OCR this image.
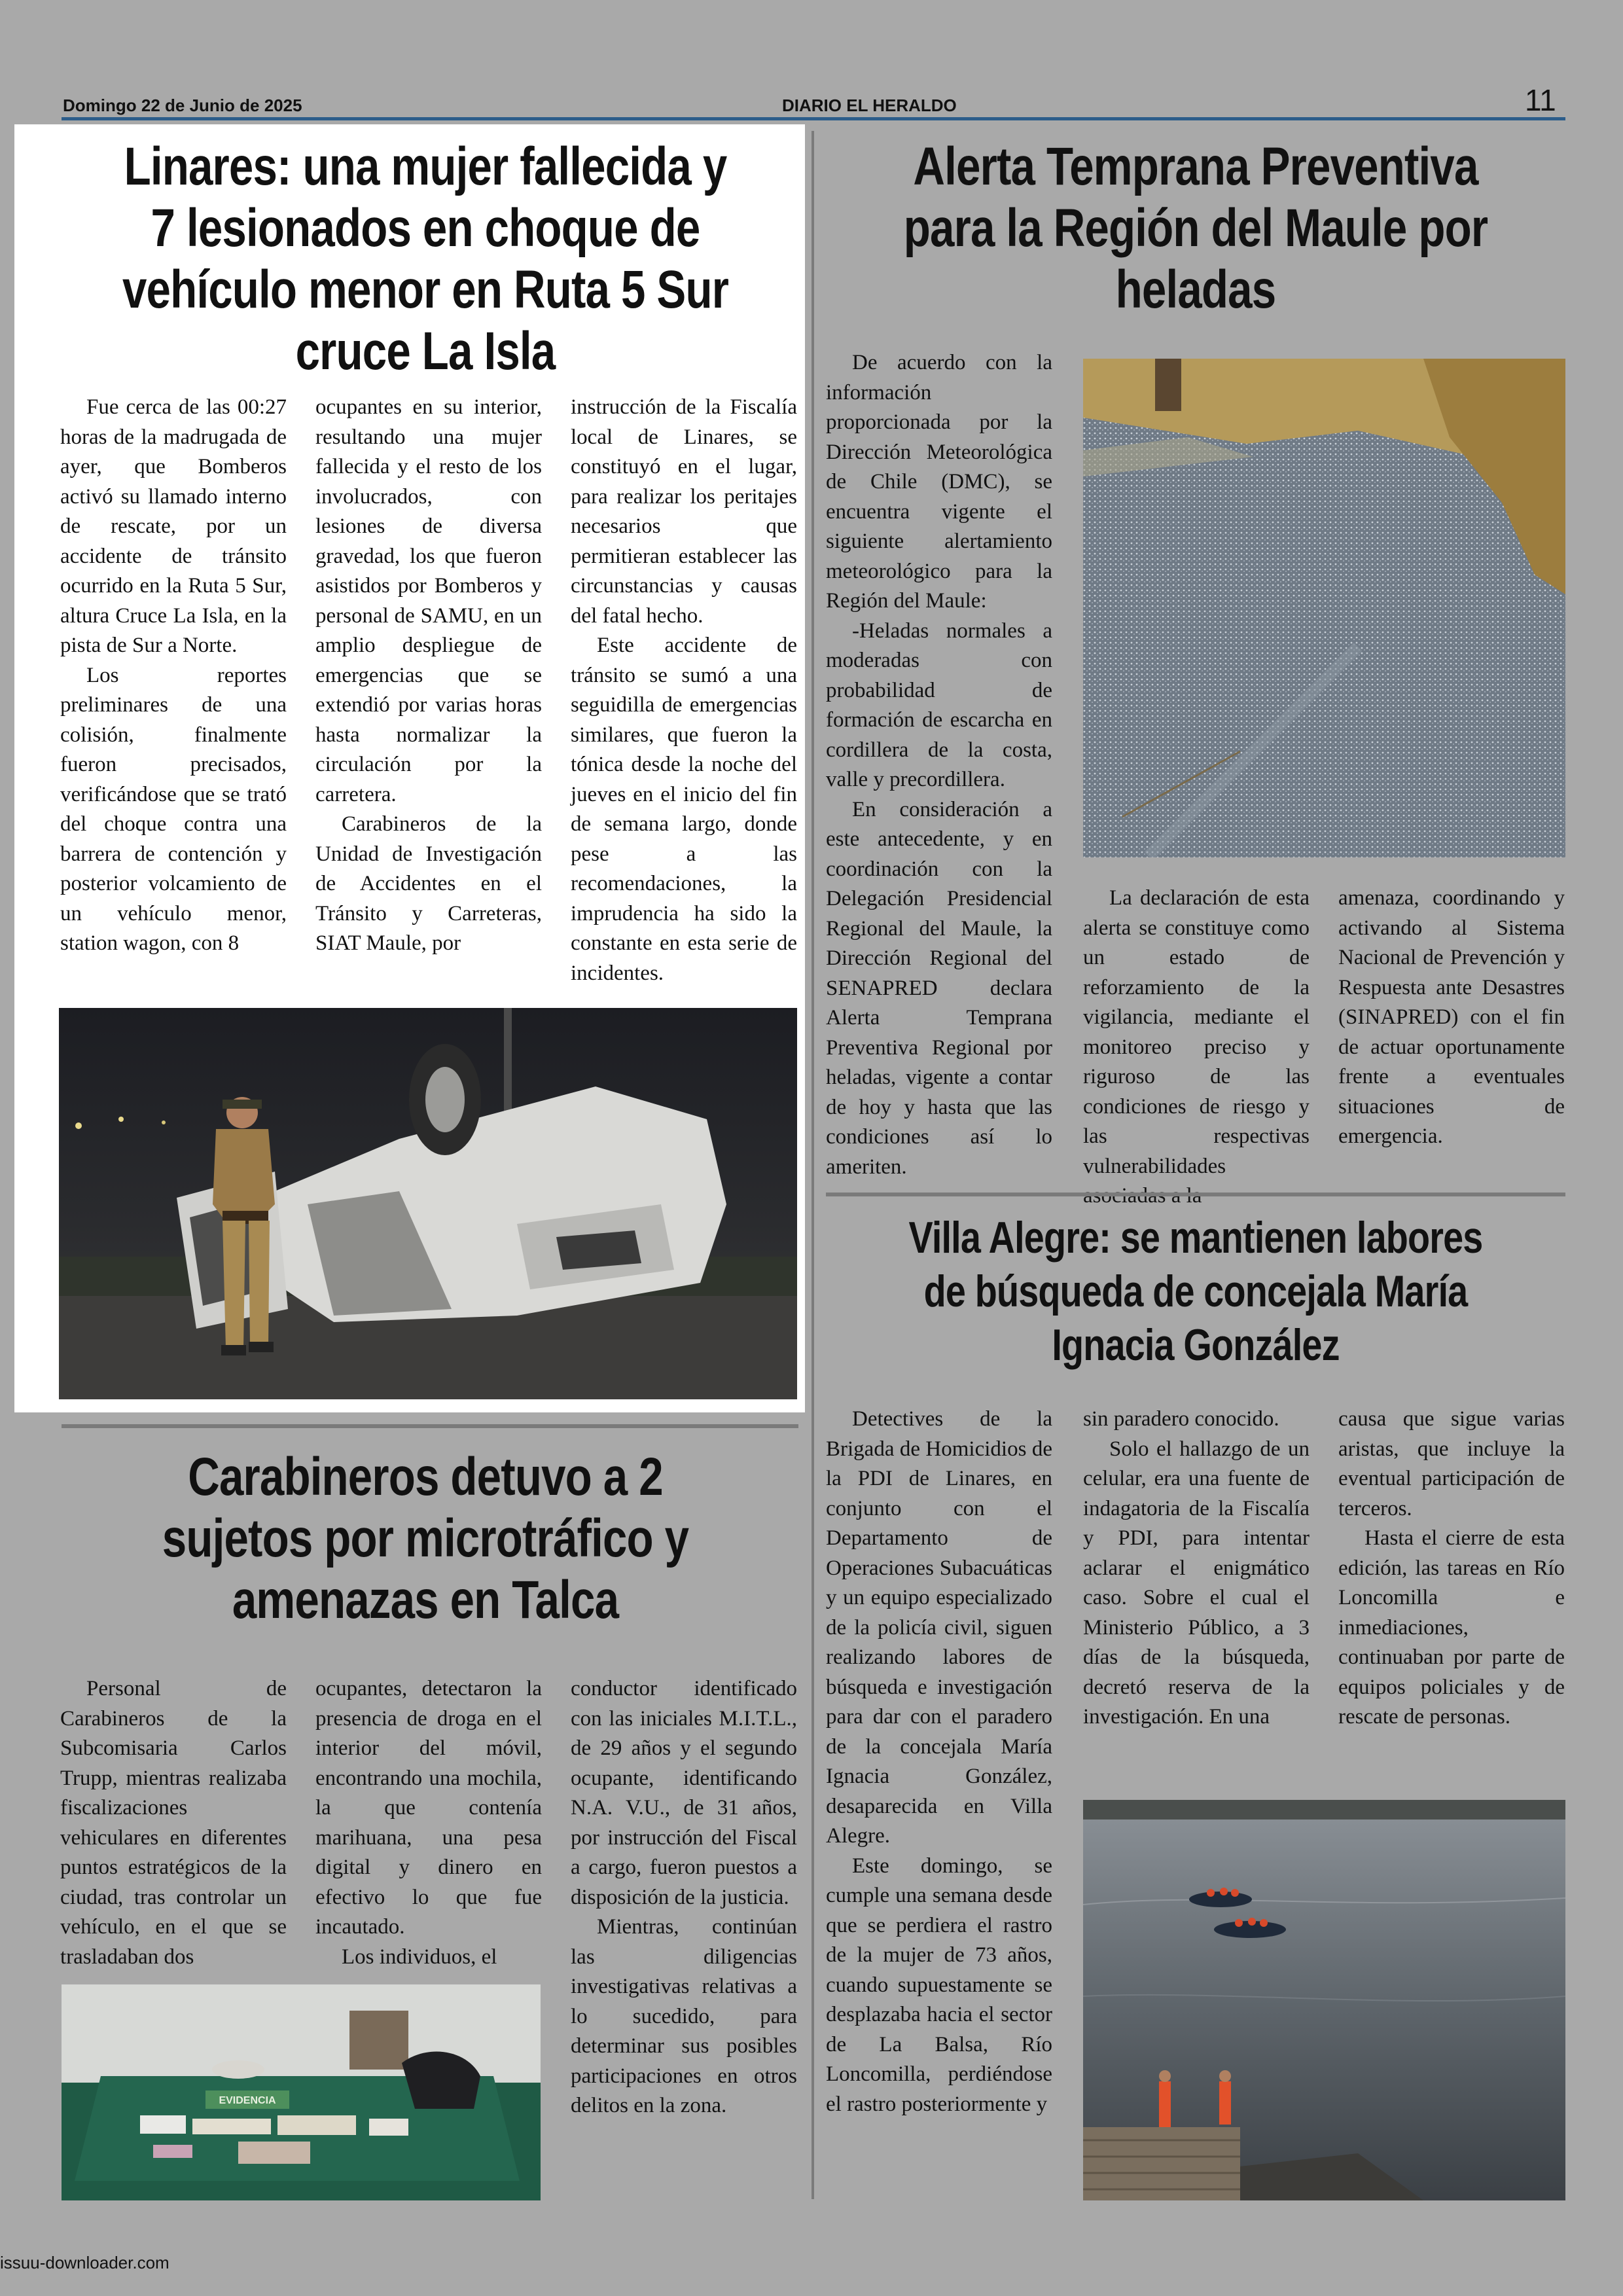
Domingo 22 de Junio de 2025	DIARIO EL HERALDO	11
Linares: una mujer fallecida y 7 lesionados en choque de vehículo menor en Ruta 5 Sur cruce La Isla

Fue cerca de las 00:27 horas de la madrugada de ayer, que Bomberos activó su llamado interno de rescate, por un accidente de tránsito ocurrido en la Ruta 5 Sur, altura Cruce La Isla, en la pista de Sur a Norte.

Los reportes preliminares de una colisión, finalmente fueron precisados, verificándose que se trató del choque contra una barrera de contención y posterior volcamiento de un vehículo menor, station wagon, con 8

ocupantes en su interior, resultando una mujer fallecida y el resto de los involucrados, con lesiones de diversa gravedad, los que fueron asistidos por Bomberos y personal de SAMU, en un amplio despliegue de emergencias que se extendió por varias horas hasta normalizar la circulación por la carretera.

Carabineros de la Unidad de Investigación de Accidentes en el Tránsito y Carreteras, SIAT Maule, por

instrucción de la Fiscalía local de Linares, se constituyó en el lugar, para realizar los peritajes necesarios que permitieran establecer las circunstancias y causas del fatal hecho.

Este accidente de tránsito se sumó a una seguidilla de emergencias similares, que fueron la tónica desde la noche del jueves en el inicio del fin de semana largo, donde pese a las recomendaciones, la imprudencia ha sido la constante en esta serie de incidentes.

Alerta Temprana Preventiva para la Región del Maule por heladas

De acuerdo con la información proporcionada por la Dirección Meteorológica de Chile (DMC), se encuentra vigente el siguiente alertamiento meteorológico para la Región del Maule:

-Heladas normales a moderadas con probabilidad de formación de escarcha en cordillera de la costa, valle y precordillera.

En consideración a este antecedente, y en coordinación con la Delegación Presidencial Regional del Maule, la Dirección Regional del SENAPRED declara Alerta Temprana Preventiva Regional por heladas, vigente a contar de hoy y hasta que las condiciones así lo ameriten.

La declaración de esta alerta se constituye como un estado de reforzamiento de la vigilancia, mediante el monitoreo preciso y riguroso de las condiciones de riesgo y las respectivas vulnerabilidades

amenaza, coordinando y activando al Sistema Nacional de Prevención y Respuesta ante Desastres (SINAPRED) con el fin de actuar oportunamente frente a eventuales situaciones de emergencia.

Villa Alegre: se mantienen labores de búsqueda de concejala María Ignacia González

Detectives de la Brigada de Homicidios de la PDI de Linares, en conjunto con el Departamento de Operaciones Subacuáticas y un equipo especializado de la policía civil, siguen realizando labores de búsqueda e investigación para dar con el paradero de la concejala María Ignacia González, desaparecida en Villa Alegre.

Este domingo, se cumple una semana desde que se perdiera el rastro de la mujer de 73 años, cuando supuestamente se desplazaba hacia el sector de La Balsa, Río Loncomilla, perdiéndose el rastro posteriormente y

sin paradero conocido.

Solo el hallazgo de un celular, era una fuente de indagatoria de la Fiscalía y PDI, para intentar aclarar el enigmático caso. Sobre el cual el Ministerio Público, a 3 días de la búsqueda, decretó reserva de la investigación. En una

causa que sigue varias aristas, que incluye la eventual participación de terceros.

Hasta el cierre de esta edición, las tareas en Río Loncomilla e inmediaciones, continuaban por parte de equipos policiales y de rescate de personas.

Carabineros detuvo a 2 sujetos por microtráfico y amenazas en Talca

Personal de Carabineros de la Subcomisaria Carlos Trupp, mientras realizaba fiscalizaciones vehiculares en diferentes puntos estratégicos de la ciudad, tras controlar un vehículo, en el que se trasladaban dos

ocupantes, detectaron la presencia de droga en el interior del móvil, encontrando una mochila, la que contenía marihuana, una pesa digital y dinero en efectivo lo que fue incautado.

Los individuos, el

conductor identificado con las iniciales M.I.T.L., de 29 años y el segundo ocupante, identificando N.A. V.U., de 31 años, por instrucción del Fiscal a cargo, fueron puestos a disposición de la justicia.

Mientras, continúan las diligencias investigativas relativas a lo sucedido, para determinar sus posibles participaciones en otros delitos en la zona.

EVIDENCIA
issuu-downloader.com
